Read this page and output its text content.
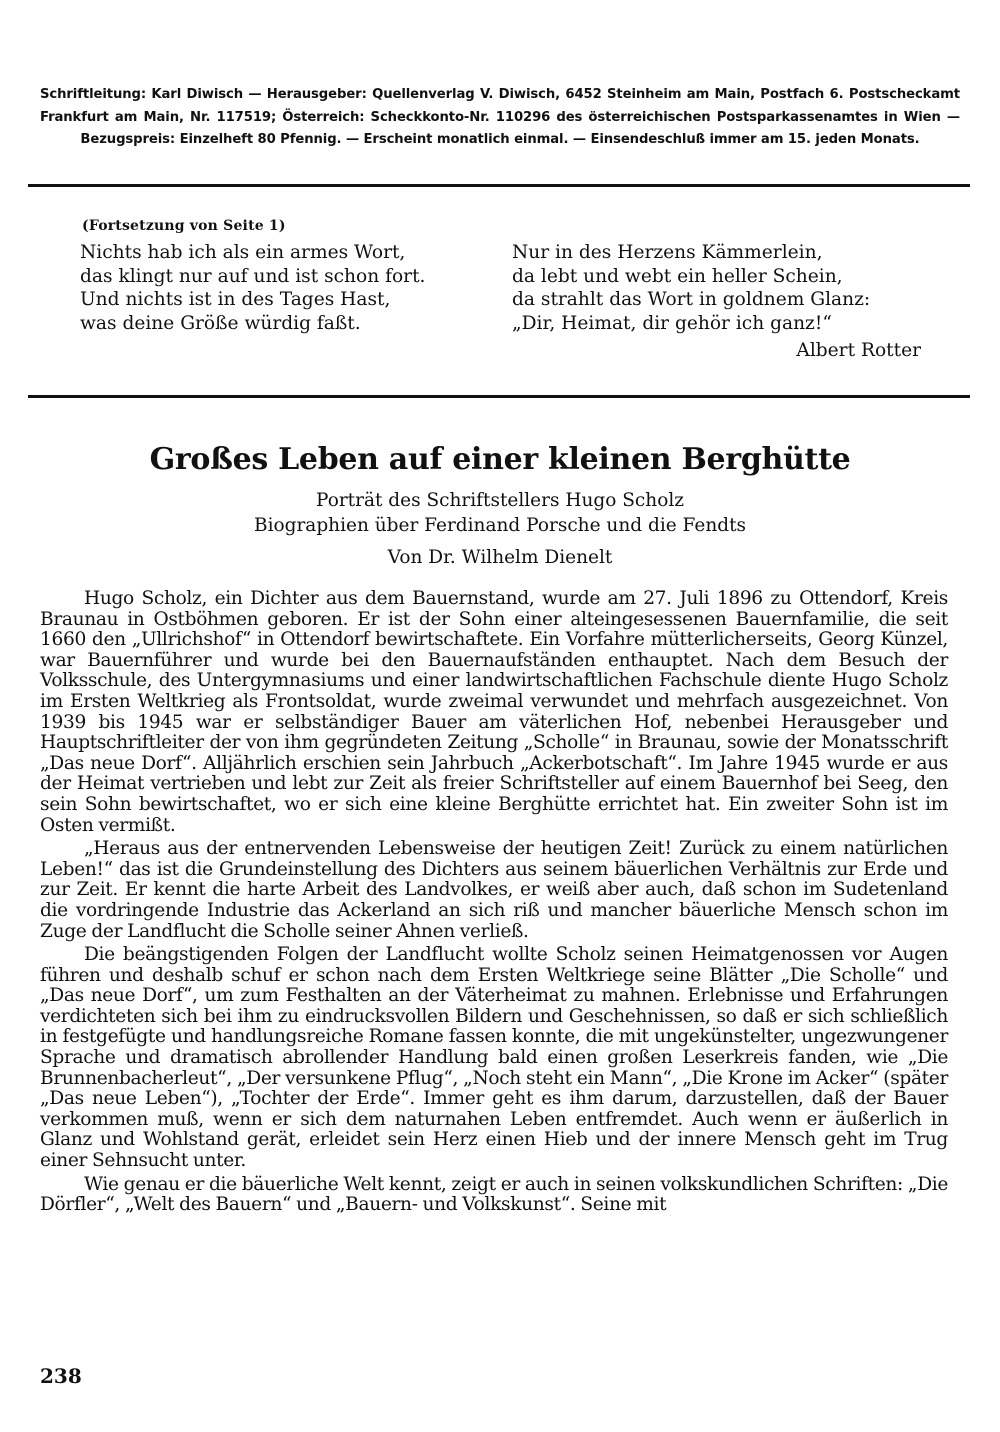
Schriftleitung: Karl Diwisch — Herausgeber: Quellenverlag V. Diwisch, 6452 Steinheim am Main, Postfach 6. Postscheckamt Frankfurt am Main, Nr. 117519; Österreich: Scheckkonto-Nr. 110296 des österreichischen Postsparkassenamtes in Wien — Bezugspreis: Einzelheft 80 Pfennig. — Erscheint monatlich einmal. — Einsendeschluß immer am 15. jeden Monats.
(Fortsetzung von Seite 1)
Nichts hab ich als ein armes Wort,
das klingt nur auf und ist schon fort.
Und nichts ist in des Tages Hast,
was deine Größe würdig faßt.
Nur in des Herzens Kämmerlein,
da lebt und webt ein heller Schein,
da strahlt das Wort in goldnem Glanz:
„Dir, Heimat, dir gehör ich ganz!“
Albert Rotter
Großes Leben auf einer kleinen Berghütte
Porträt des Schriftstellers Hugo Scholz
Biographien über Ferdinand Porsche und die Fendts
Von Dr. Wilhelm Dienelt

Hugo Scholz, ein Dichter aus dem Bauernstand, wurde am 27. Juli 1896 zu Ottendorf, Kreis Braunau in Ostböhmen geboren. Er ist der Sohn einer alteingesessenen Bauernfamilie, die seit 1660 den „Ullrichshof“ in Ottendorf bewirtschaftete. Ein Vorfahre mütterlicherseits, Georg Künzel, war Bauernführer und wurde bei den Bauernaufständen enthauptet. Nach dem Besuch der Volksschule, des Untergymnasiums und einer landwirtschaftlichen Fachschule diente Hugo Scholz im Ersten Weltkrieg als Frontsoldat, wurde zweimal verwundet und mehrfach ausgezeichnet. Von 1939 bis 1945 war er selbständiger Bauer am väterlichen Hof, nebenbei Herausgeber und Hauptschriftleiter der von ihm gegründeten Zeitung „Scholle“ in Braunau, sowie der Monatsschrift „Das neue Dorf“. Alljährlich erschien sein Jahrbuch „Ackerbotschaft“. Im Jahre 1945 wurde er aus der Heimat vertrieben und lebt zur Zeit als freier Schriftsteller auf einem Bauernhof bei Seeg, den sein Sohn bewirtschaftet, wo er sich eine kleine Berghütte errichtet hat. Ein zweiter Sohn ist im Osten vermißt.

„Heraus aus der entnervenden Lebensweise der heutigen Zeit! Zurück zu einem natürlichen Leben!“ das ist die Grundeinstellung des Dichters aus seinem bäuerlichen Verhältnis zur Erde und zur Zeit. Er kennt die harte Arbeit des Landvolkes, er weiß aber auch, daß schon im Sudetenland die vordringende Industrie das Ackerland an sich riß und mancher bäuerliche Mensch schon im Zuge der Landflucht die Scholle seiner Ahnen verließ.

Die beängstigenden Folgen der Landflucht wollte Scholz seinen Heimatgenossen vor Augen führen und deshalb schuf er schon nach dem Ersten Weltkriege seine Blätter „Die Scholle“ und „Das neue Dorf“, um zum Festhalten an der Väterheimat zu mahnen. Erlebnisse und Erfahrungen verdichteten sich bei ihm zu eindrucksvollen Bildern und Geschehnissen, so daß er sich schließlich in festgefügte und handlungsreiche Romane fassen konnte, die mit ungekünstelter, ungezwungener Sprache und dramatisch abrollender Handlung bald einen großen Leserkreis fanden, wie „Die Brunnenbacherleut“, „Der versunkene Pflug“, „Noch steht ein Mann“, „Die Krone im Acker“ (später „Das neue Leben“), „Tochter der Erde“. Immer geht es ihm darum, darzustellen, daß der Bauer verkommen muß, wenn er sich dem naturnahen Leben entfremdet. Auch wenn er äußerlich in Glanz und Wohlstand gerät, erleidet sein Herz einen Hieb und der innere Mensch geht im Trug einer Sehnsucht unter.

Wie genau er die bäuerliche Welt kennt, zeigt er auch in seinen volkskundlichen Schriften: „Die Dörfler“, „Welt des Bauern“ und „Bauern- und Volkskunst“. Seine mit

238
